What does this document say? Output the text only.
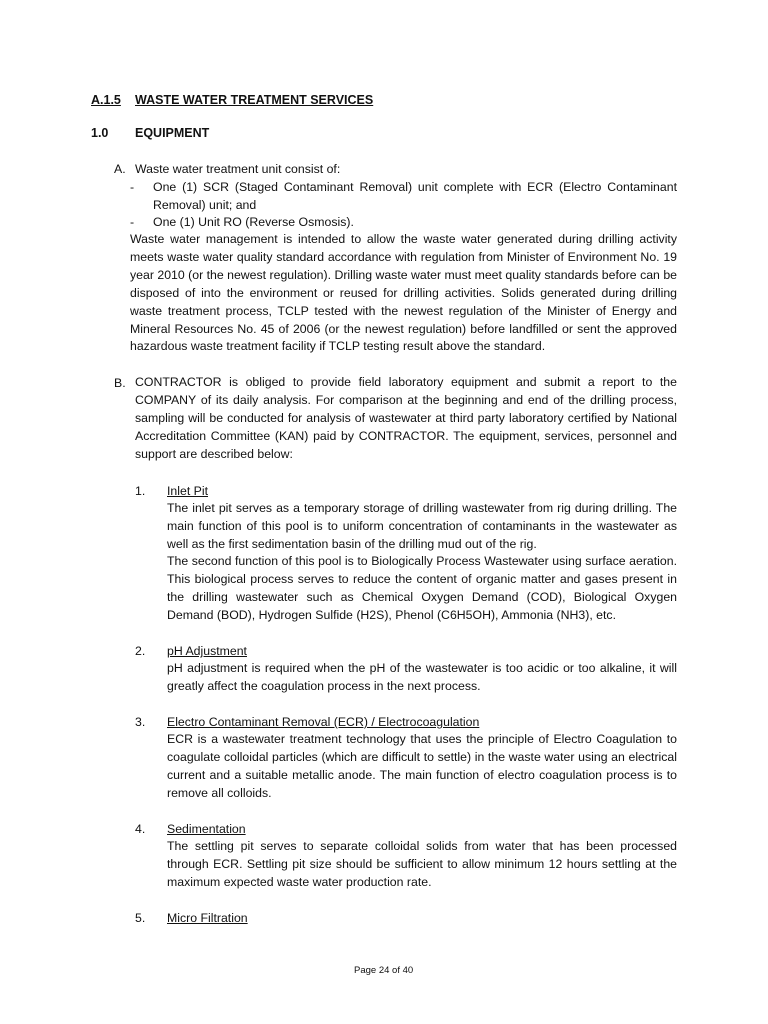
A.1.5 WASTE WATER TREATMENT SERVICES
1.0 EQUIPMENT
A. Waste water treatment unit consist of:
- One (1) SCR (Staged Contaminant Removal) unit complete with ECR (Electro Contaminant
Removal) unit; and
- One (1) Unit RO (Reverse Osmosis).
Waste water management is intended to allow the waste water generated during drilling activity meets waste water quality standard accordance with regulation from Minister of Environment No. 19 year 2010 (or the newest regulation). Drilling waste water must meet quality standards before can be disposed of into the environment or reused for drilling activities. Solids generated during drilling waste treatment process, TCLP tested with the newest regulation of the Minister of Energy and Mineral Resources No. 45 of 2006 (or the newest regulation) before landfilled or sent the approved hazardous waste treatment facility if TCLP testing result above the standard.
B. CONTRACTOR is obliged to provide field laboratory equipment and submit a report to the COMPANY of its daily analysis. For comparison at the beginning and end of the drilling process, sampling will be conducted for analysis of wastewater at third party laboratory certified by National Accreditation Committee (KAN) paid by CONTRACTOR. The equipment, services, personnel and support are described below:
1. Inlet Pit
The inlet pit serves as a temporary storage of drilling wastewater from rig during drilling. The main function of this pool is to uniform concentration of contaminants in the wastewater as well as the first sedimentation basin of the drilling mud out of the rig.
The second function of this pool is to Biologically Process Wastewater using surface aeration. This biological process serves to reduce the content of organic matter and gases present in the drilling wastewater such as Chemical Oxygen Demand (COD), Biological Oxygen Demand (BOD), Hydrogen Sulfide (H2S), Phenol (C6H5OH), Ammonia (NH3), etc.
2. pH Adjustment
pH adjustment is required when the pH of the wastewater is too acidic or too alkaline, it will greatly affect the coagulation process in the next process.
3. Electro Contaminant Removal (ECR) / Electrocoagulation
ECR is a wastewater treatment technology that uses the principle of Electro Coagulation to coagulate colloidal particles (which are difficult to settle) in the waste water using an electrical current and a suitable metallic anode. The main function of electro coagulation process is to remove all colloids.
4. Sedimentation
The settling pit serves to separate colloidal solids from water that has been processed through ECR. Settling pit size should be sufficient to allow minimum 12 hours settling at the maximum expected waste water production rate.
5. Micro Filtration
Page 24 of 40
